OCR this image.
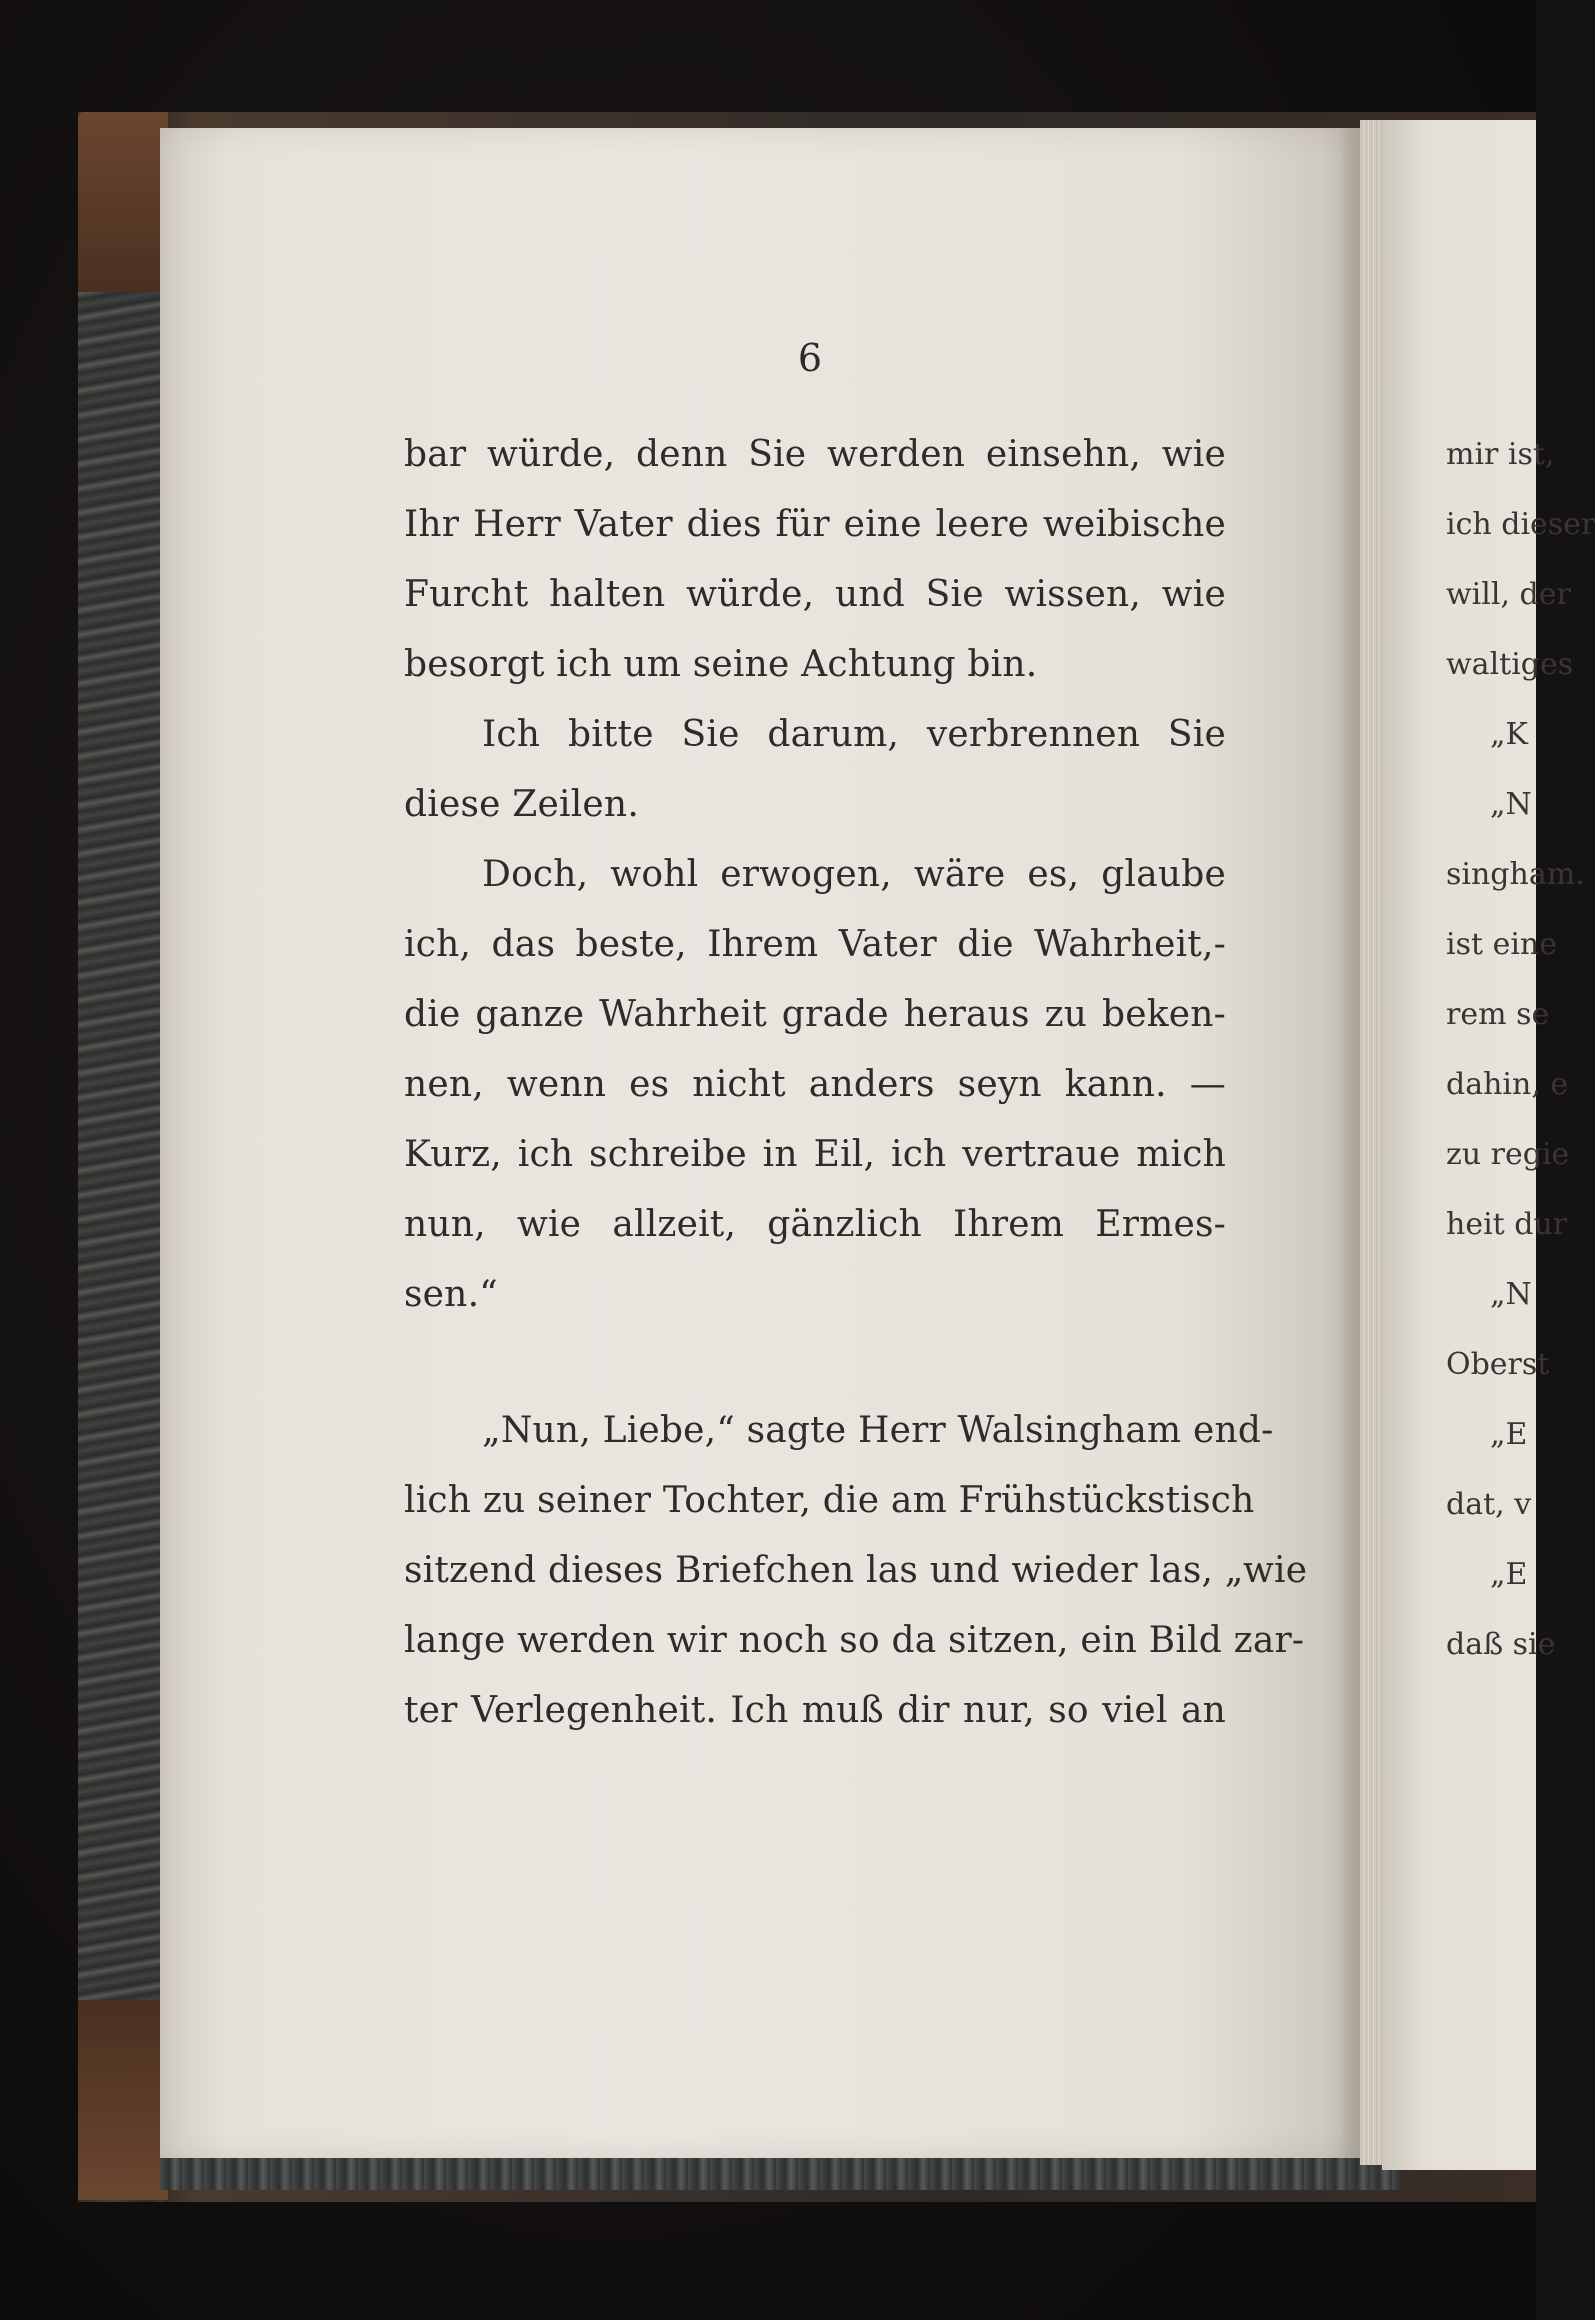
6
bar würde, denn Sie werden einsehn, wie
Ihr Herr Vater dies für eine leere weibische
Furcht halten würde, und Sie wissen, wie
besorgt ich um seine Achtung bin.
Ich bitte Sie darum, verbrennen Sie
diese Zeilen.
Doch, wohl erwogen, wäre es, glaube
ich, das beste, Ihrem Vater die Wahrheit,-
die ganze Wahrheit grade heraus zu beken-
nen, wenn es nicht anders seyn kann. —
Kurz, ich schreibe in Eil, ich vertraue mich
nun, wie allzeit, gänzlich Ihrem Ermes-
sen.“
„Nun, Liebe,“ sagte Herr Walsingham end-
lich zu seiner Tochter, die am Frühstückstisch
sitzend dieses Briefchen las und wieder las, „wie
lange werden wir noch so da sitzen, ein Bild zar-
ter Verlegenheit. Ich muß dir nur, so viel an
mir ist,
ich dieser
will, der
waltiges
„K
„N
singham.
ist eine
rem se
dahin, e
zu regie
heit dur
„N
Oberst
„E
dat, v
„E
daß sie
